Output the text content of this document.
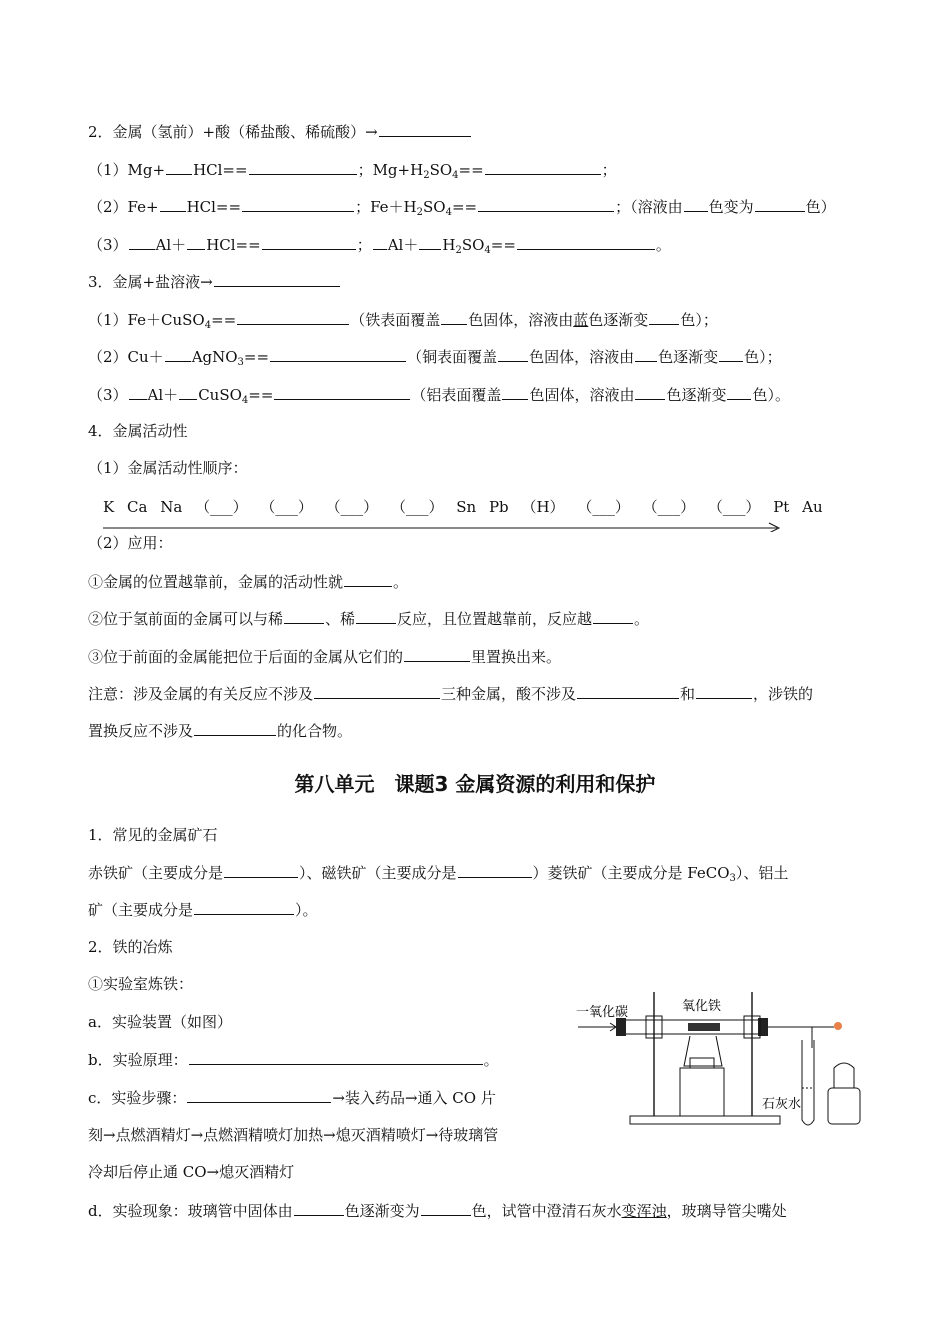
2．金属（氢前）+酸（稀盐酸、稀硫酸）→
（1）Mg+ HCl==	；$Mg+H_2SO_4==$	；
（2）Fe+ HCl==	；$Fe+H_2SO_4==$	；（溶液由 色变为	色）
（3） Al＋ HCl==	； $Al+ H_2SO_4==$	。
3．金属+盐溶液→
（1）Fe＋CuSO$_4$==	（铁表面覆盖 色固体，溶液由蓝色逐渐变 色）；
（2）Cu＋ AgNO$_3$==	（铜表面覆盖 色固体，溶液由 色逐渐变 色）；
（3） Al＋ CuSO$_4$==	（铝表面覆盖 色固体，溶液由 色逐渐变 色）。
4．金属活动性
（1）金属活动性顺序：
K Ca Na （___） （___） （___） （___） Sn Pb （H） （___） （___） （___） Pt Au
（2）应用：
①金属的位置越靠前，金属的活动性就	。
②位于氢前面的金属可以与稀	、稀	反应，且位置越靠前，反应越	。
③位于前面的金属能把位于后面的金属从它们的	里置换出来。
注意：涉及金属的有关反应不涉及	三种金属，酸不涉及	和	，涉铁的
置换反应不涉及	的化合物。
第八单元　课题3 金属资源的利用和保护
1．常见的金属矿石
赤铁矿（主要成分是	）、磁铁矿（主要成分是	）菱铁矿（主要成分是 FeCO$_3$）、铝土
矿（主要成分是	）。
2．铁的冶炼
①实验室炼铁：
a．实验装置（如图）
b．实验原理：	。
c．实验步骤：	→装入药品→通入 CO 片
刻→点燃酒精灯→点燃酒精喷灯加热→熄灭酒精喷灯→待玻璃管
冷却后停止通 CO→熄灭酒精灯
d．实验现象：玻璃管中固体由	色逐渐变为	色，试管中澄清石灰水变浑浊，玻璃导管尖嘴处
一氧化碳	氧化铁
石灰水
